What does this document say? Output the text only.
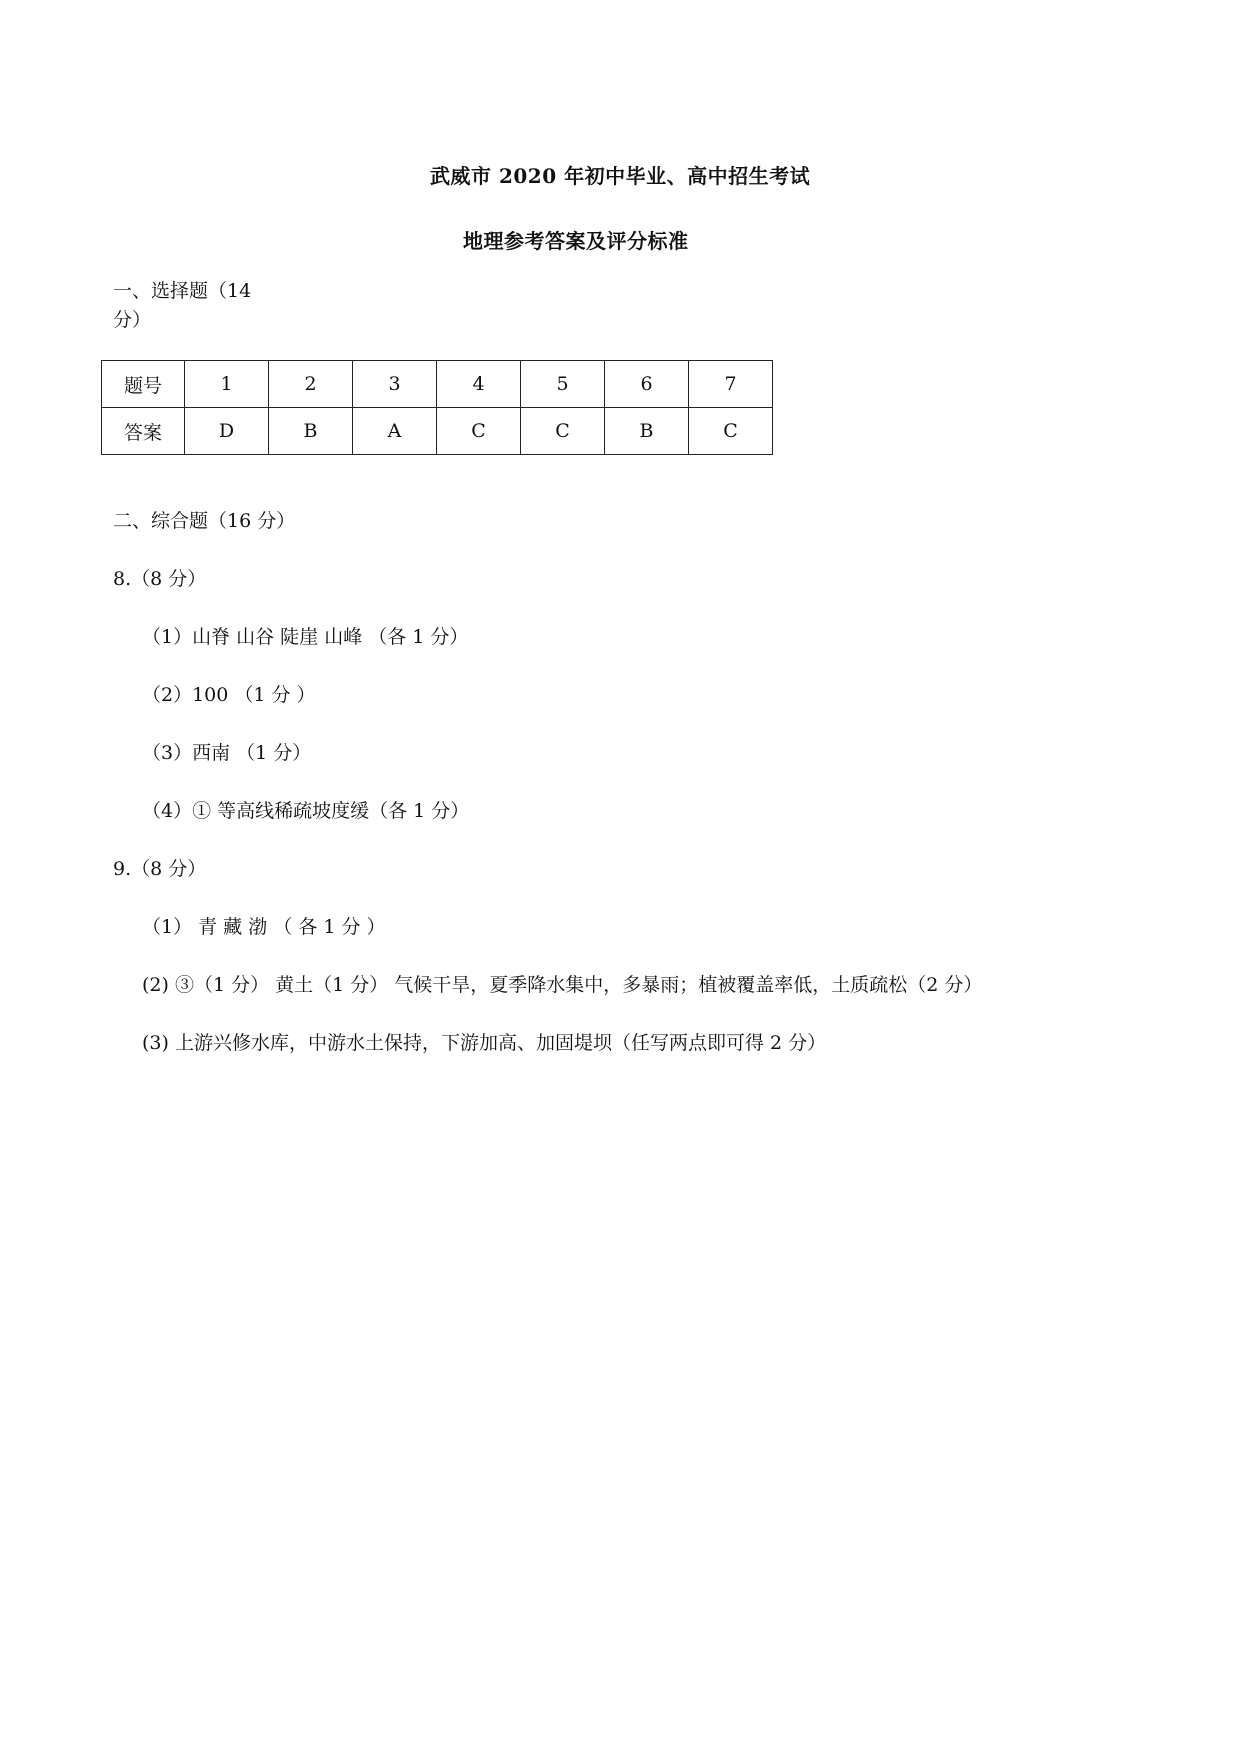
武威市 2020 年初中毕业、高中招生考试
地理参考答案及评分标准
一、选择题（14
分）
题号	1	2	3	4	5	6	7
答案	D	B	A	C	C	B	C
二、综合题（16 分）
8.（8 分）
（1）山脊 山谷 陡崖 山峰 （各 1 分）
（2）100 （1 分 ）
（3）西南 （1 分）
（4）① 等高线稀疏坡度缓（各 1 分）
9.（8 分）
（1） 青 藏 渤 （ 各 1 分 ）
(2) ③（1 分） 黄土（1 分） 气候干旱，夏季降水集中，多暴雨；植被覆盖率低，土质疏松（2 分）
(3) 上游兴修水库，中游水土保持，下游加高、加固堤坝（任写两点即可得 2 分）
